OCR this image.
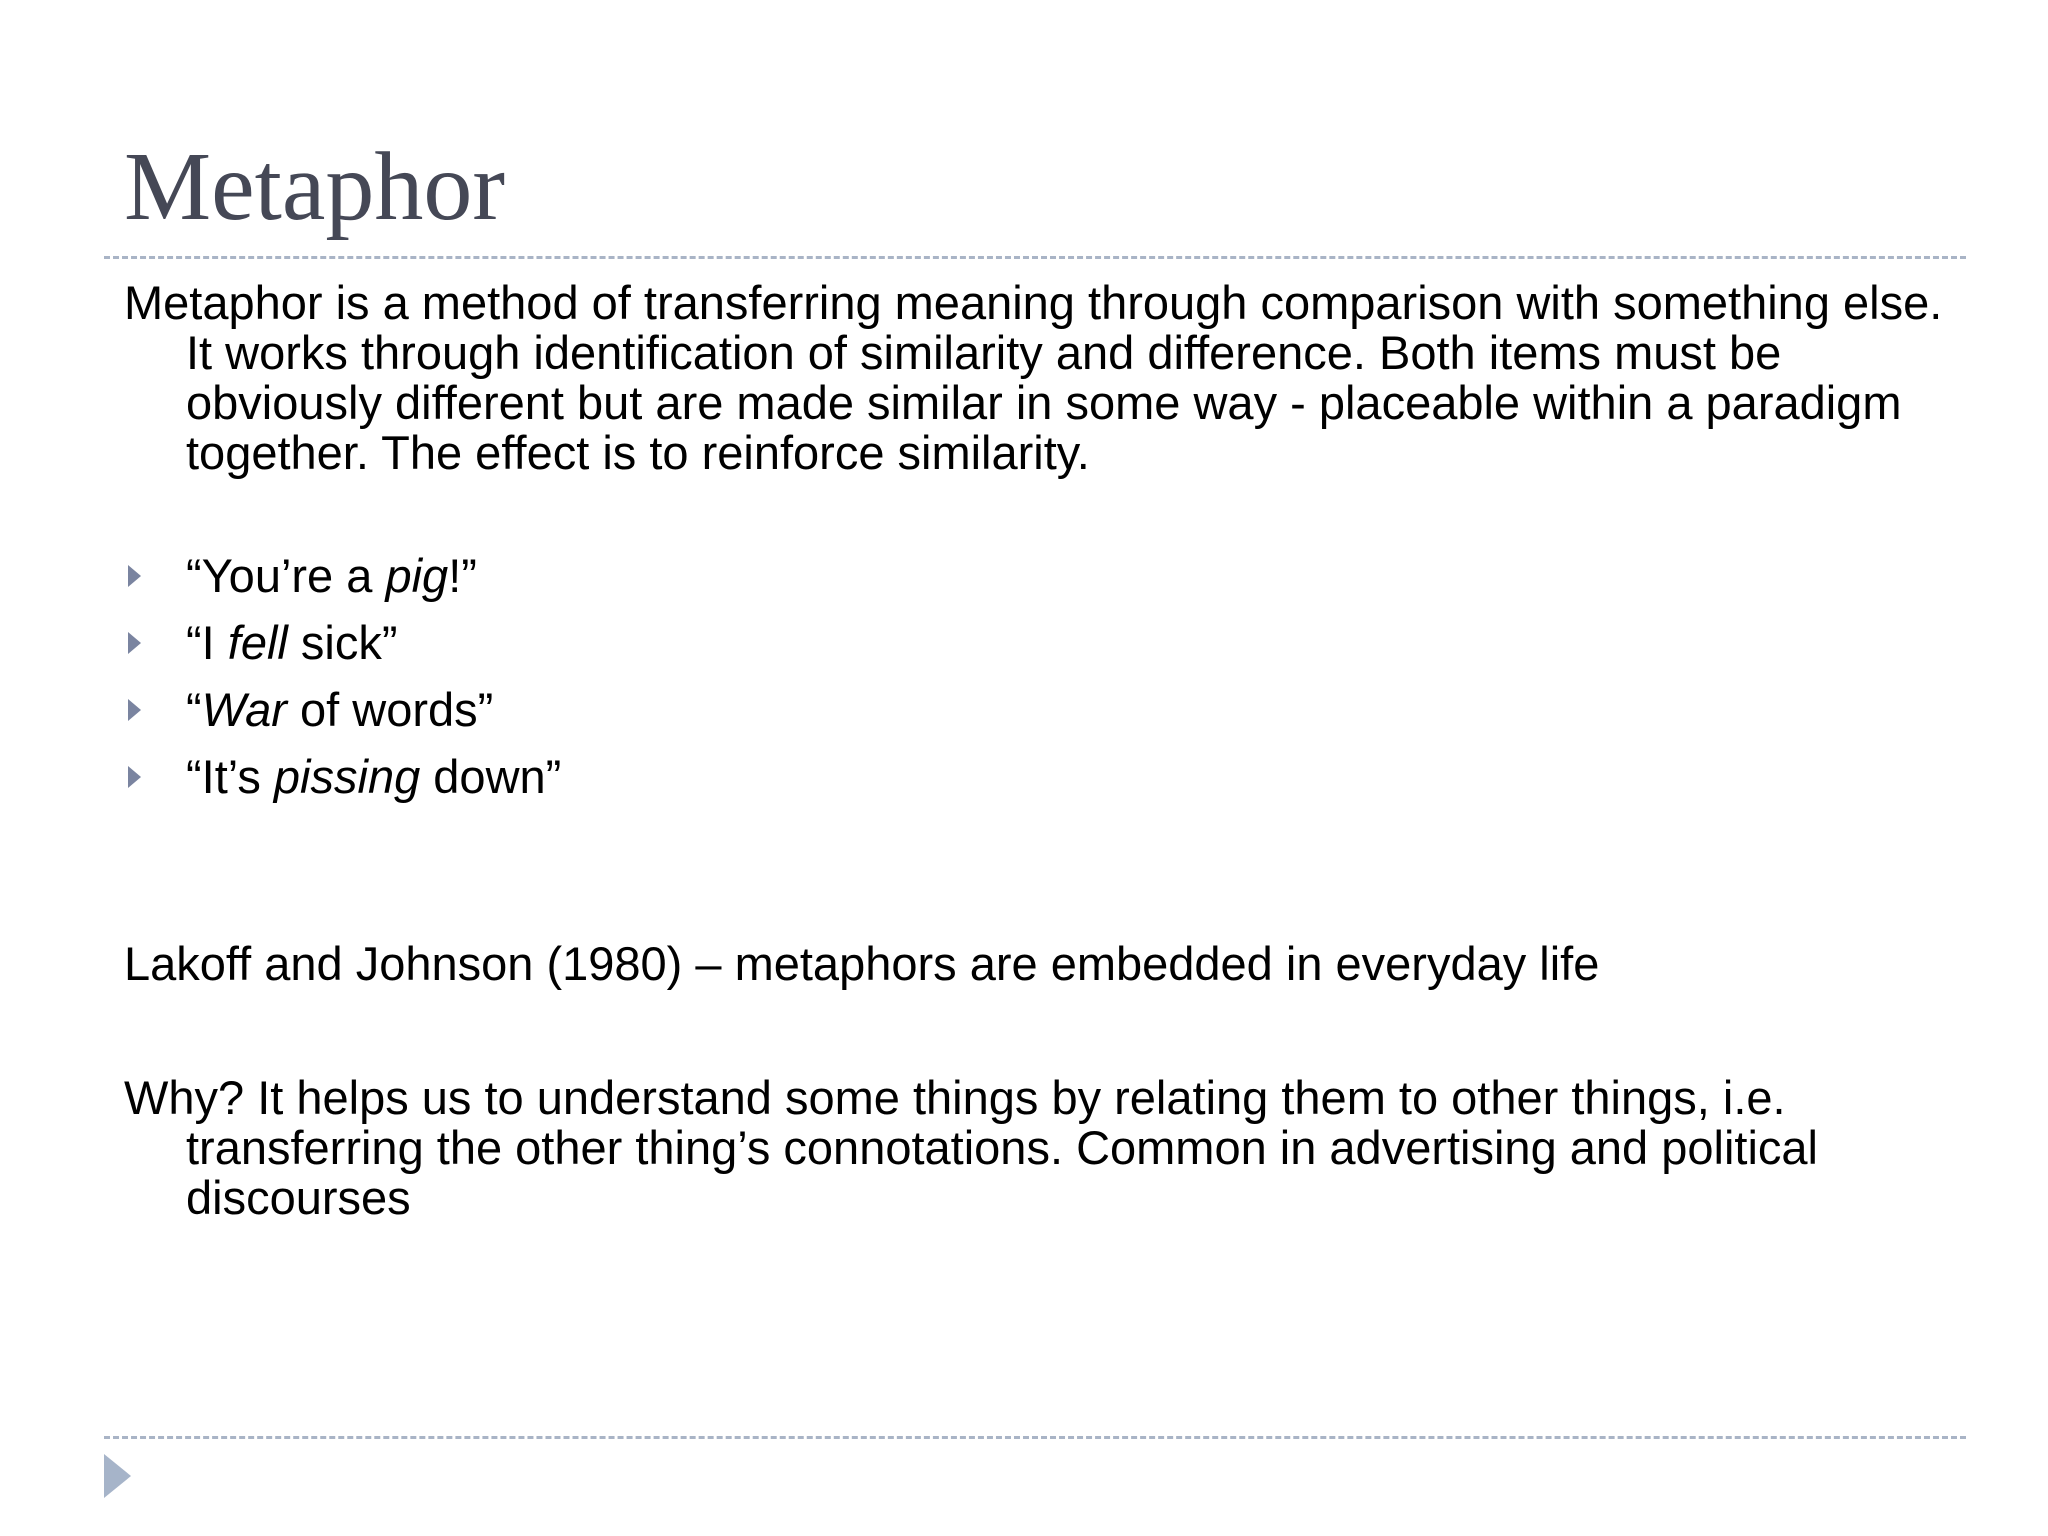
Metaphor

Metaphor is a method of transferring meaning through comparison with something else. It works through identification of similarity and difference. Both items must be obviously different but are made similar in some way - placeable within a paradigm together. The effect is to reinforce similarity.

“You’re a pig!”
“I fell sick”
“War of words”
“It’s pissing down”

Lakoff and Johnson (1980) – metaphors are embedded in everyday life

Why? It helps us to understand some things by relating them to other things, i.e. transferring the other thing’s connotations. Common in advertising and political discourses
